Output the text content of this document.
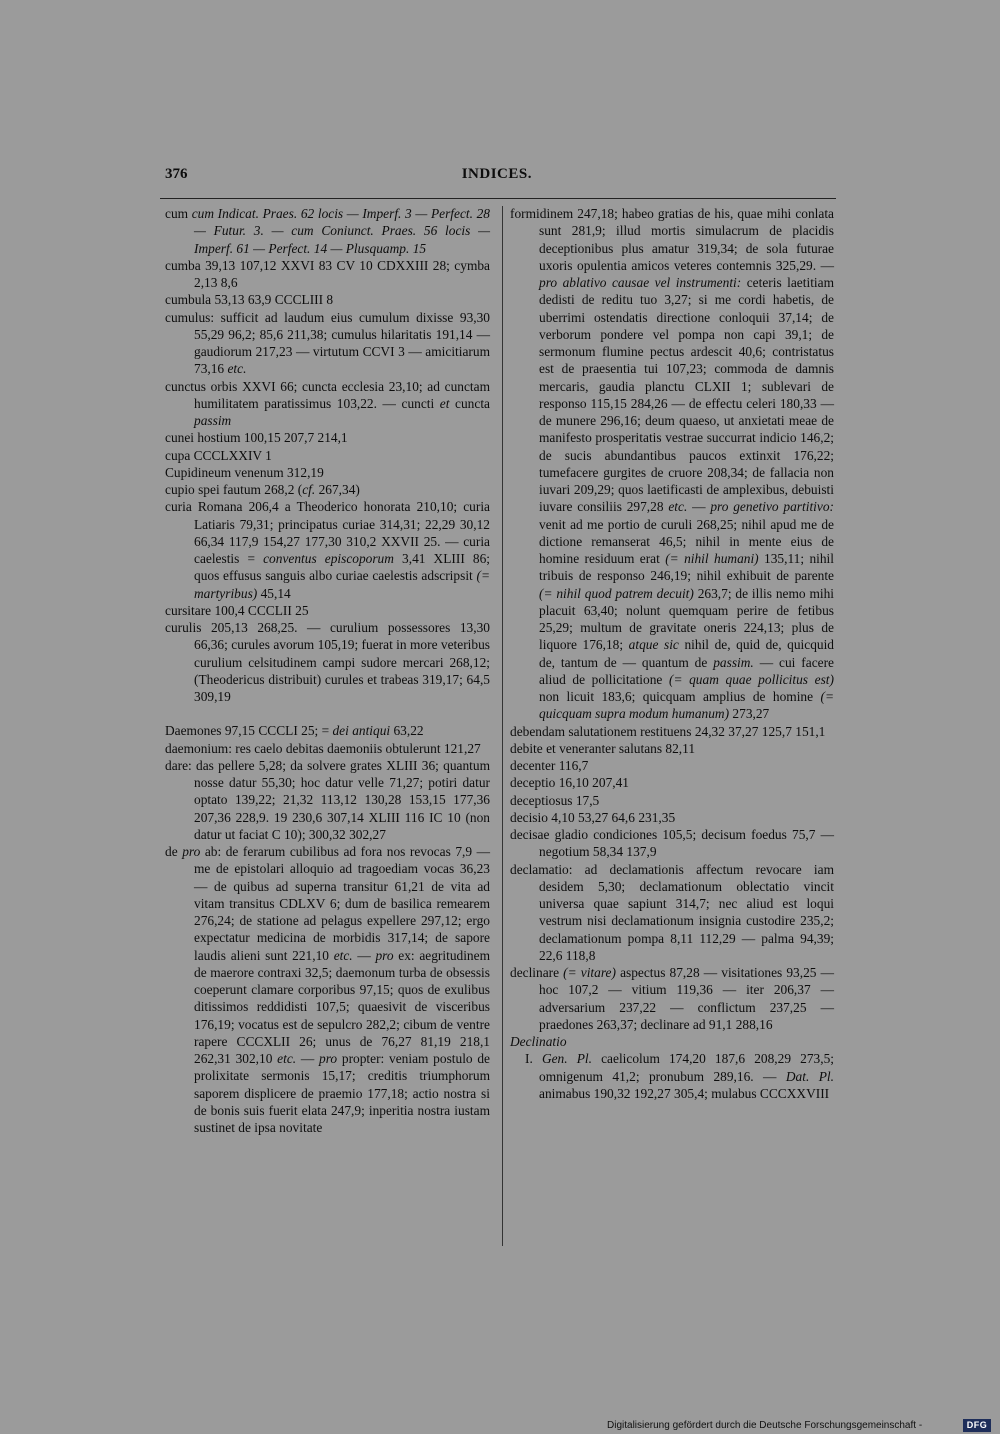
376	INDICES.

cum cum Indicat. Praes. 62 locis — Imperf. 3 — Perfect. 28 — Futur. 3. — cum Coniunct. Praes. 56 locis — Imperf. 61 — Perfect. 14 — Plusquamp. 15

cumba 39,13 107,12 XXVI 83 CV 10 CDXXIII 28; cymba 2,13 8,6

cumbula 53,13 63,9 CCCLIII 8

cumulus: sufficit ad laudum eius cumulum dixisse 93,30 55,29 96,2; 85,6 211,38; cumulus hilaritatis 191,14 — gaudiorum 217,23 — virtutum CCVI 3 — amicitiarum 73,16 etc.

cunctus orbis XXVI 66; cuncta ecclesia 23,10; ad cunctam humilitatem paratissimus 103,22. — cuncti et cuncta passim

cunei hostium 100,15 207,7 214,1

cupa CCCLXXIV 1

Cupidineum venenum 312,19

cupio spei fautum 268,2 (cf. 267,34)

curia Romana 206,4 a Theoderico honorata 210,10; curia Latiaris 79,31; principatus curiae 314,31; 22,29 30,12 66,34 117,9 154,27 177,30 310,2 XXVII 25. — curia caelestis = conventus episcoporum 3,41 XLIII 86; quos effusus sanguis albo curiae caelestis adscripsit (= martyribus) 45,14

cursitare 100,4 CCCLII 25

curulis 205,13 268,25. — curulium possessores 13,30 66,36; curules avorum 105,19; fuerat in more veteribus curulium celsitudinem campi sudore mercari 268,12; (Theodericus distribuit) curules et trabeas 319,17; 64,5 309,19

Daemones 97,15 CCCLI 25; = dei antiqui 63,22

daemonium: res caelo debitas daemoniis obtulerunt 121,27

dare: das pellere 5,28; da solvere grates XLIII 36; quantum nosse datur 55,30; hoc datur velle 71,27; potiri datur optato 139,22; 21,32 113,12 130,28 153,15 177,36 207,36 228,9. 19 230,6 307,14 XLIII 116 IC 10 (non datur ut faciat C 10); 300,32 302,27

de pro ab: de ferarum cubilibus ad fora nos revocas 7,9 — me de epistolari alloquio ad tragoediam vocas 36,23 — de quibus ad superna transitur 61,21 de vita ad vitam transitus CDLXV 6; dum de basilica remearem 276,24; de statione ad pelagus expellere 297,12; ergo expectatur medicina de morbidis 317,14; de sapore laudis alieni sunt 221,10 etc. — pro ex: aegritudinem de maerore contraxi 32,5; daemonum turba de obsessis coeperunt clamare corporibus 97,15; quos de exulibus ditissimos reddidisti 107,5; quaesivit de visceribus 176,19; vocatus est de sepulcro 282,2; cibum de ventre rapere CCCXLII 26; unus de 76,27 81,19 218,1 262,31 302,10 etc. — pro propter: veniam postulo de prolixitate sermonis 15,17; creditis triumphorum saporem displicere de praemio 177,18; actio nostra si de bonis suis fuerit elata 247,9; inperitia nostra iustam sustinet de ipsa novitate

formidinem 247,18; habeo gratias de his, quae mihi conlata sunt 281,9; illud mortis simulacrum de placidis deceptionibus plus amatur 319,34; de sola futurae uxoris opulentia amicos veteres contemnis 325,29. — pro ablativo causae vel instrumenti: ceteris laetitiam dedisti de reditu tuo 3,27; si me cordi habetis, de uberrimi ostendatis directione conloquii 37,14; de verborum pondere vel pompa non capi 39,1; de sermonum flumine pectus ardescit 40,6; contristatus est de praesentia tui 107,23; commoda de damnis mercaris, gaudia planctu CLXII 1; sublevari de responso 115,15 284,26 — de effectu celeri 180,33 — de munere 296,16; deum quaeso, ut anxietati meae de manifesto prosperitatis vestrae succurrat indicio 146,2; de sucis abundantibus paucos extinxit 176,22; tumefacere gurgites de cruore 208,34; de fallacia non iuvari 209,29; quos laetificasti de amplexibus, debuisti iuvare consiliis 297,28 etc. — pro genetivo partitivo: venit ad me portio de curuli 268,25; nihil apud me de dictione remanserat 46,5; nihil in mente eius de homine residuum erat (= nihil humani) 135,11; nihil tribuis de responso 246,19; nihil exhibuit de parente (= nihil quod patrem decuit) 263,7; de illis nemo mihi placuit 63,40; nolunt quemquam perire de fetibus 25,29; multum de gravitate oneris 224,13; plus de liquore 176,18; atque sic nihil de, quid de, quicquid de, tantum de — quantum de passim. — cui facere aliud de pollicitatione (= quam quae pollicitus est) non licuit 183,6; quicquam amplius de homine (= quicquam supra modum humanum) 273,27

debendam salutationem restituens 24,32 37,27 125,7 151,1

debite et veneranter salutans 82,11

decenter 116,7

deceptio 16,10 207,41

deceptiosus 17,5

decisio 4,10 53,27 64,6 231,35

decisae gladio condiciones 105,5; decisum foedus 75,7 — negotium 58,34 137,9

declamatio: ad declamationis affectum revocare iam desidem 5,30; declamationum oblectatio vincit universa quae sapiunt 314,7; nec aliud est loqui vestrum nisi declamationum insignia custodire 235,2; declamationum pompa 8,11 112,29 — palma 94,39; 22,6 118,8

declinare (= vitare) aspectus 87,28 — visitationes 93,25 — hoc 107,2 — vitium 119,36 — iter 206,37 — adversarium 237,22 — conflictum 237,25 — praedones 263,37; declinare ad 91,1 288,16

Declinatio

I. Gen. Pl. caelicolum 174,20 187,6 208,29 273,5; omnigenum 41,2; pronubum 289,16. — Dat. Pl. animabus 190,32 192,27 305,4; mulabus CCCXXVIII

Digitalisierung gefördert durch die Deutsche Forschungsgemeinschaft -	DFG
